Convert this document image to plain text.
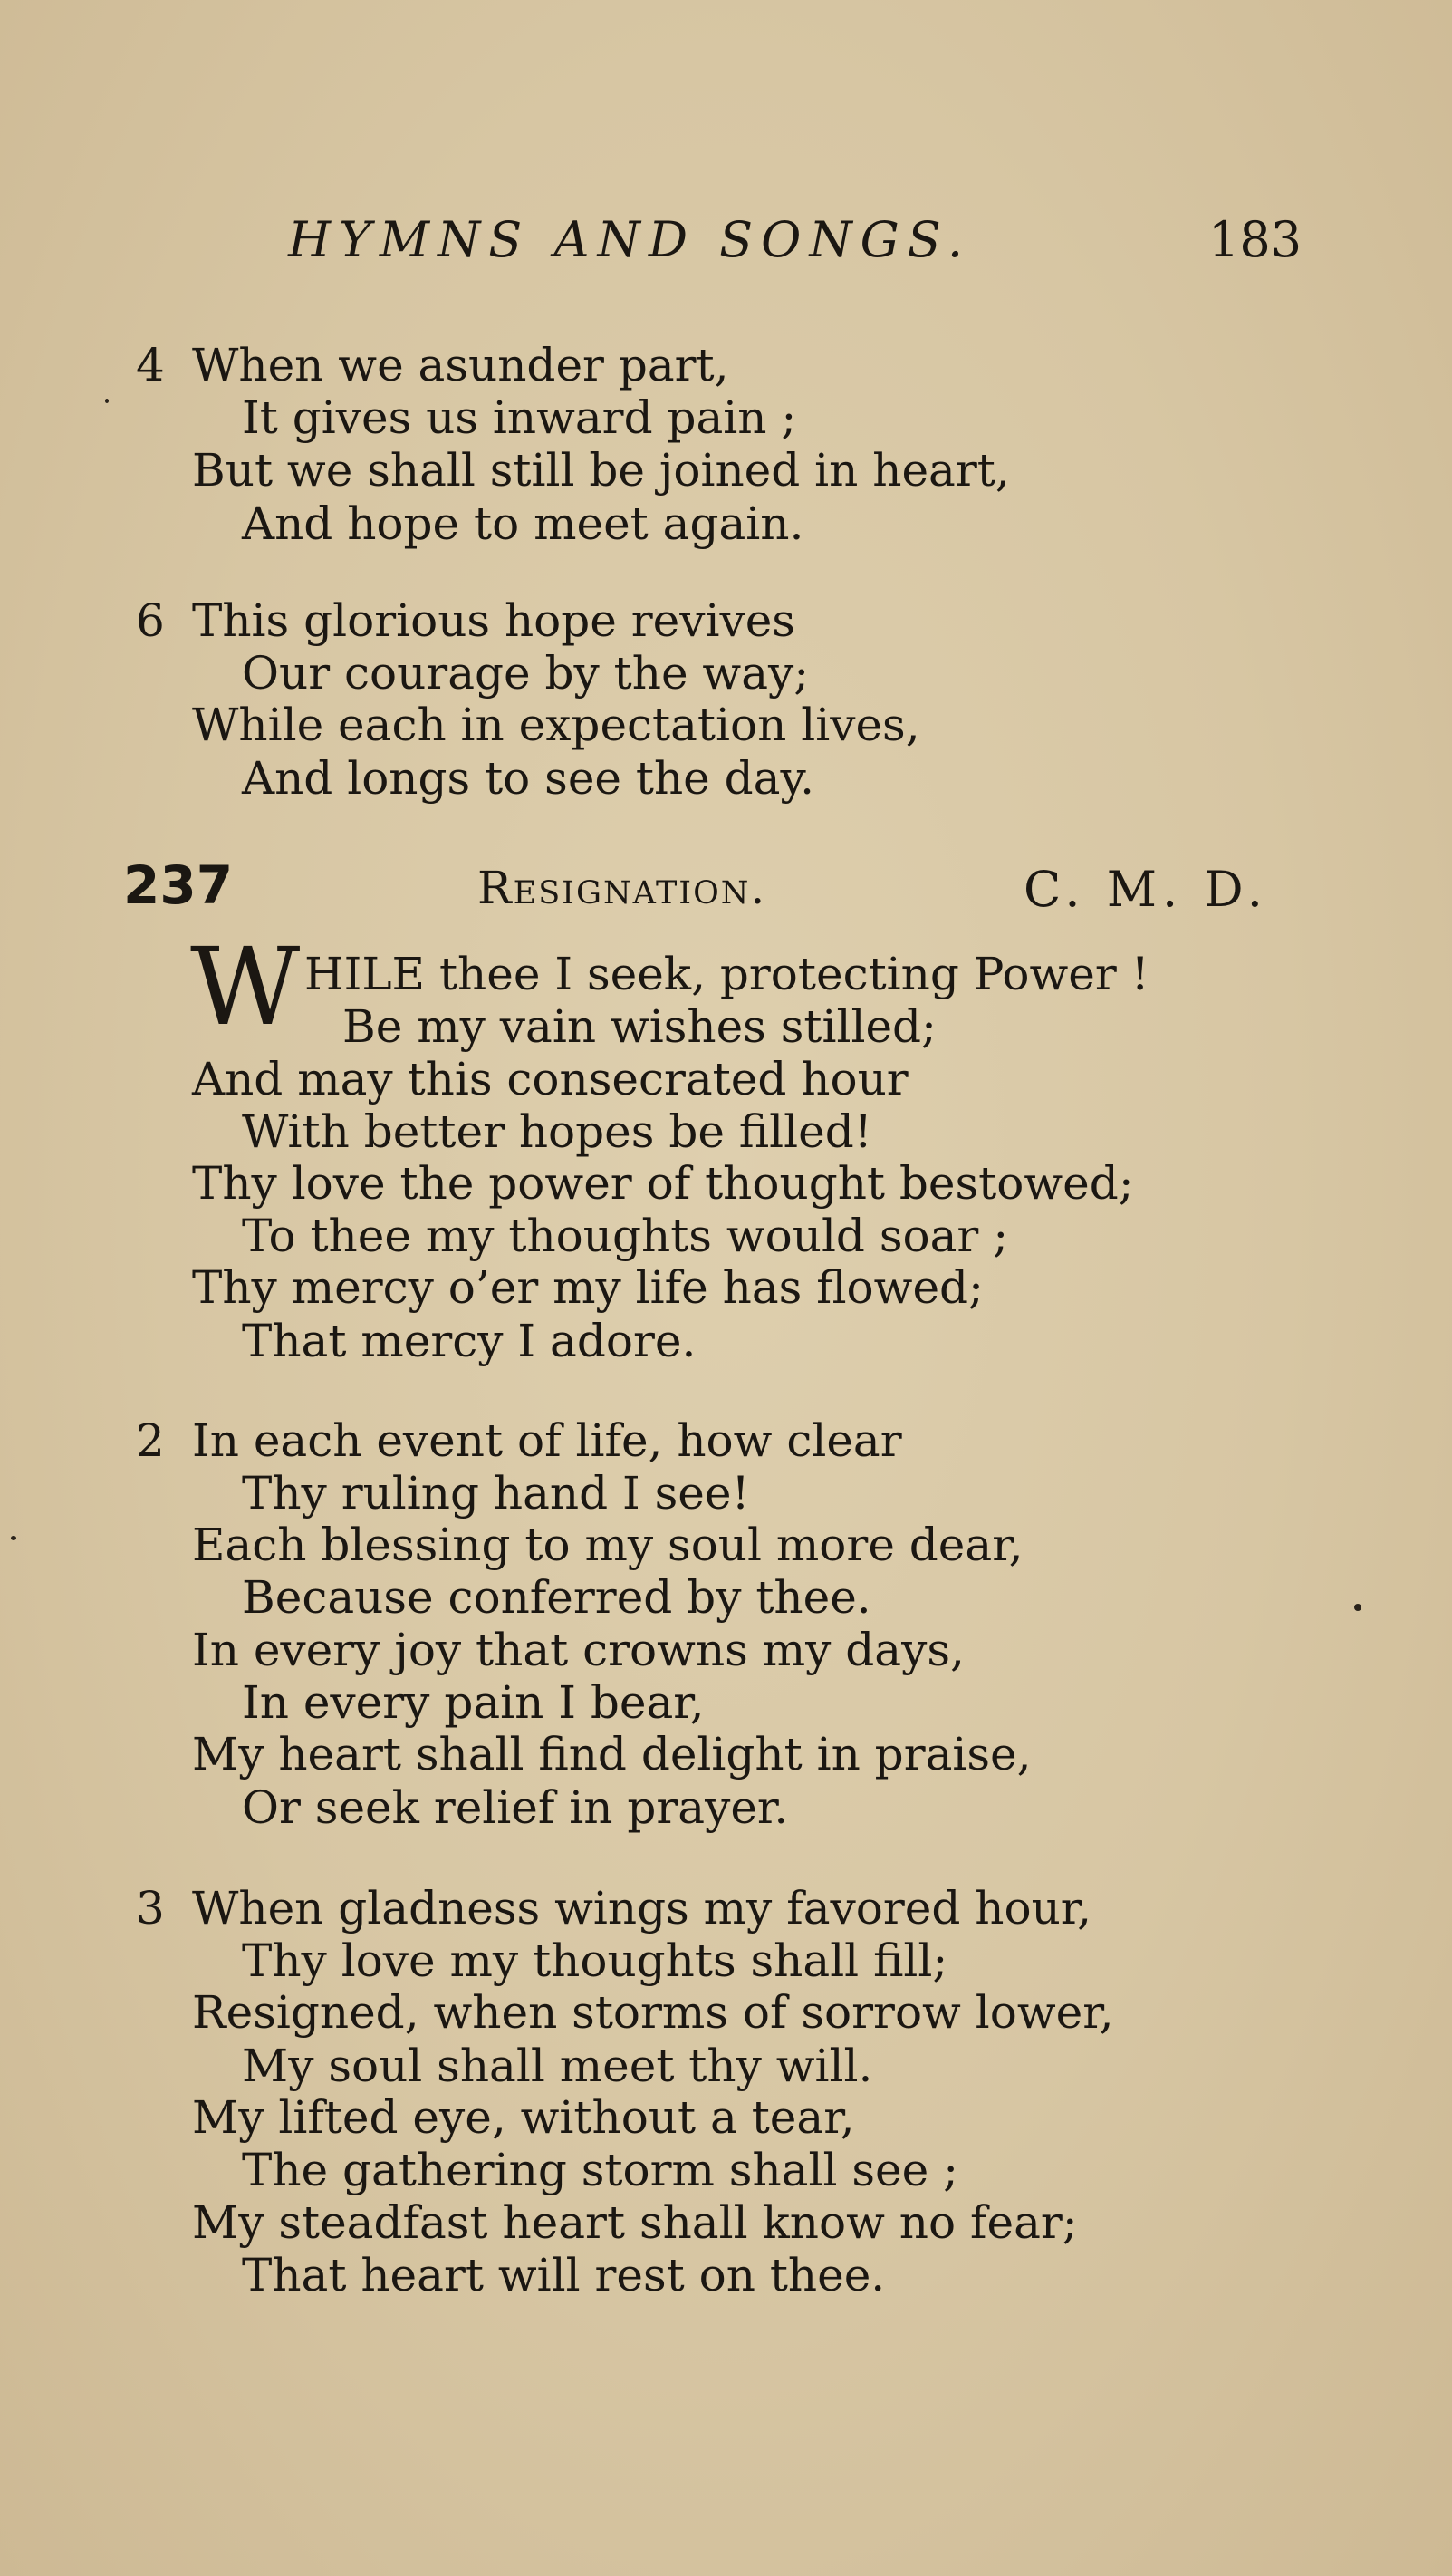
HYMNS AND SONGS.	183
4 When we asunder part,
It gives us inward pain ;
But we shall still be joined in heart,
And hope to meet again.
6 This glorious hope revives
Our courage by the way;
While each in expectation lives,
And longs to see the day.
237	Resignation.	C. M. D.
W HILE thee I seek, protecting Power !
Be my vain wishes stilled;
And may this consecrated hour
With better hopes be filled!
Thy love the power of thought bestowed;
To thee my thoughts would soar ;
Thy mercy o’er my life has flowed;
That mercy I adore.
2 In each event of life, how clear
Thy ruling hand I see!
Each blessing to my soul more dear,
Because conferred by thee.
In every joy that crowns my days,
In every pain I bear,
My heart shall find delight in praise,
Or seek relief in prayer.
3 When gladness wings my favored hour,
Thy love my thoughts shall fill;
Resigned, when storms of sorrow lower,
My soul shall meet thy will.
My lifted eye, without a tear,
The gathering storm shall see ;
My steadfast heart shall know no fear;
That heart will rest on thee.
